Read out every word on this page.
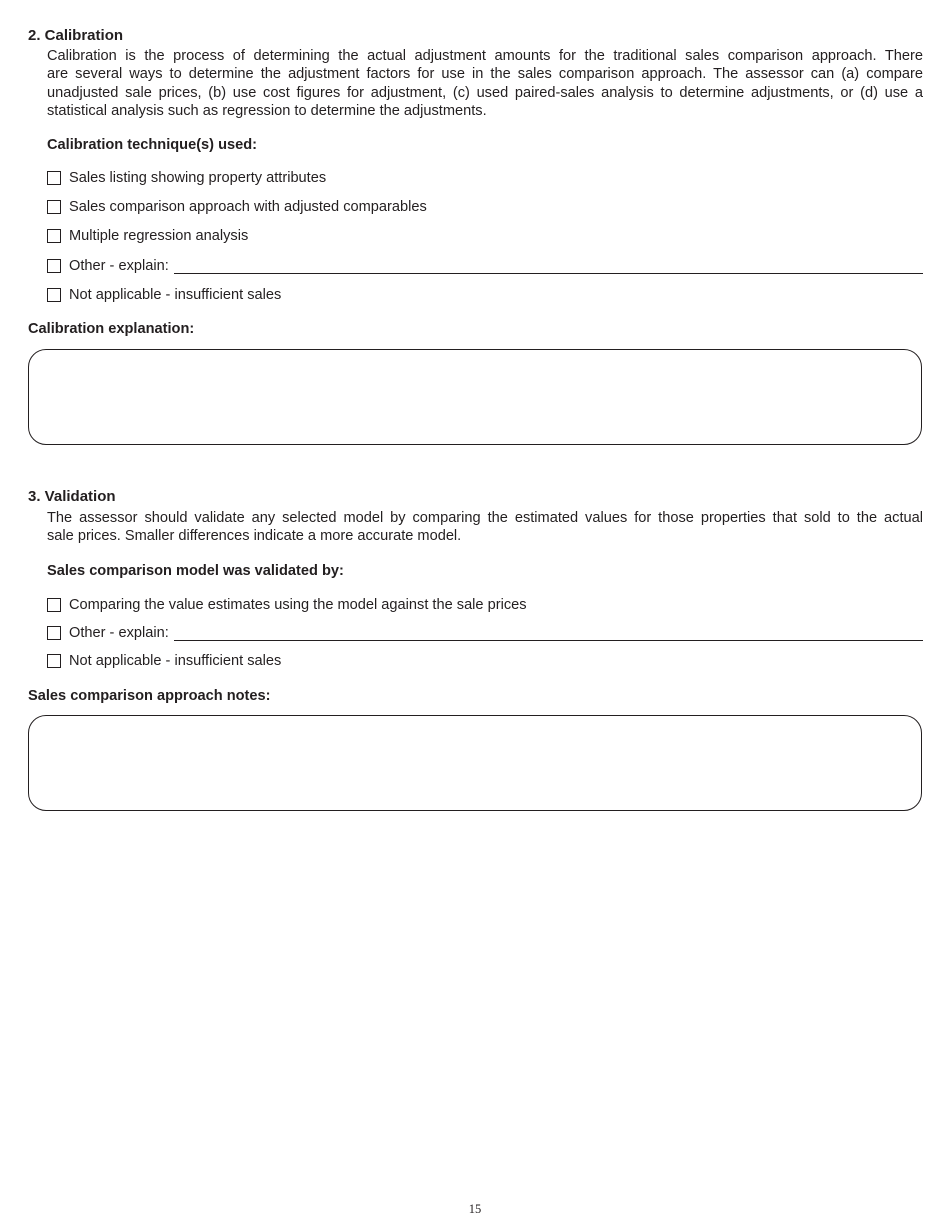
2. Calibration
Calibration is the process of determining the actual adjustment amounts for the traditional sales comparison approach. There
are several ways to determine the adjustment factors for use in the sales comparison approach. The assessor can (a) compare
unadjusted sale prices, (b) use cost figures for adjustment, (c) used paired-sales analysis to determine adjustments, or (d) use a
statistical analysis such as regression to determine the adjustments.
Calibration technique(s) used:
Sales listing showing property attributes
Sales comparison approach with adjusted comparables
Multiple regression analysis
Other - explain:
Not applicable - insufficient sales
Calibration explanation:
3. Validation
The assessor should validate any selected model by comparing the estimated values for those properties that sold to the actual
sale prices. Smaller differences indicate a more accurate model.
Sales comparison model was validated by:
Comparing the value estimates using the model against the sale prices
Other - explain:
Not applicable - insufficient sales
Sales comparison approach notes:
15
